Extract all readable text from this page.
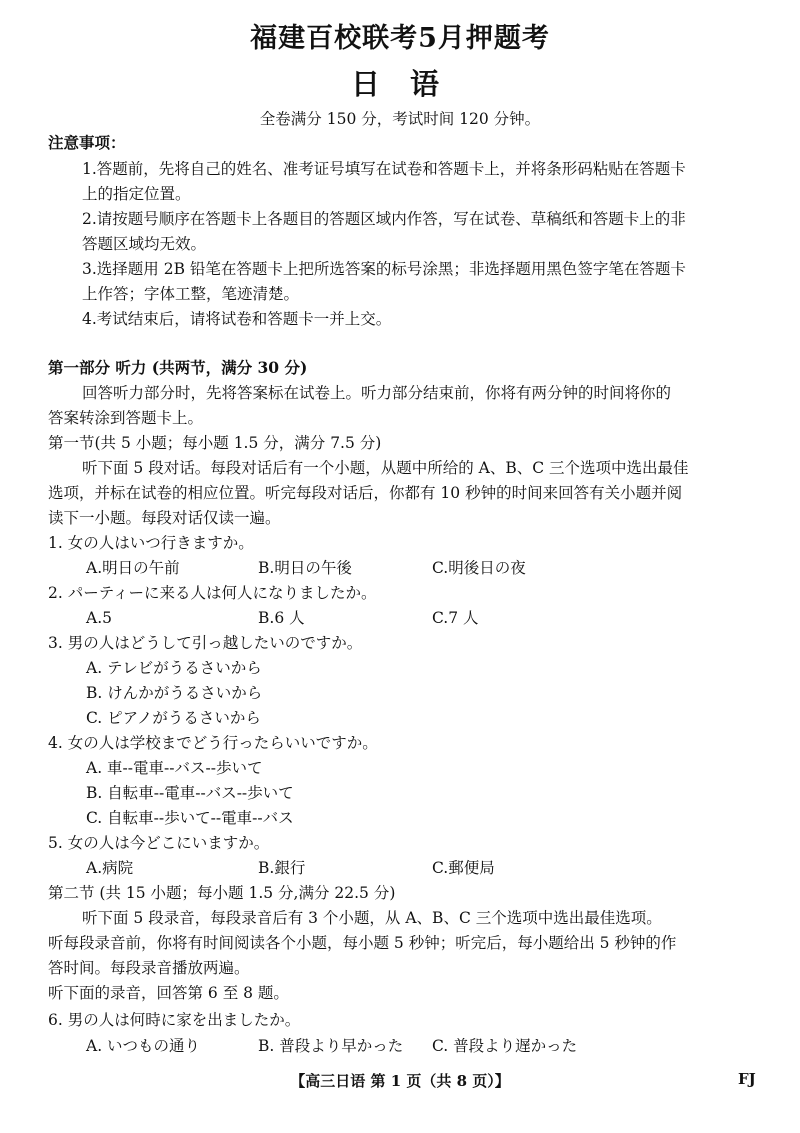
福建百校联考5月押题考
日 语
全卷满分 150 分，考试时间 120 分钟。
注意事项：
1.答题前，先将自己的姓名、准考证号填写在试卷和答题卡上，并将条形码粘贴在答题卡
上的指定位置。
2.请按题号顺序在答题卡上各题目的答题区域内作答，写在试卷、草稿纸和答题卡上的非
答题区域均无效。
3.选择题用 2B 铅笔在答题卡上把所选答案的标号涂黑；非选择题用黑色签字笔在答题卡
上作答；字体工整，笔迹清楚。
4.考试结束后，请将试卷和答题卡一并上交。
第一部分 听力 (共两节，满分 30 分)
回答听力部分时，先将答案标在试卷上。听力部分结束前，你将有两分钟的时间将你的
答案转涂到答题卡上。
第一节(共 5 小题；每小题 1.5 分，满分 7.5 分)
听下面 5 段对话。每段对话后有一个小题，从题中所给的 A、B、C 三个选项中选出最佳
选项，并标在试卷的相应位置。听完每段对话后，你都有 10 秒钟的时间来回答有关小题并阅
读下一小题。每段对话仅读一遍。
1. 女の人はいつ行きますか。
A.明日の午前	B.明日の午後	C.明後日の夜
2. パーティーに来る人は何人になりましたか。
A.5	B.6 人	C.7 人
3. 男の人はどうして引っ越したいのですか。
A. テレビがうるさいから
B. けんかがうるさいから
C. ピアノがうるさいから
4. 女の人は学校までどう行ったらいいですか。
A. 車--電車--バス--歩いて
B. 自転車--電車--バス--歩いて
C. 自転車--歩いて--電車--バス
5. 女の人は今どこにいますか。
A.病院	B.銀行	C.郵便局
第二节 (共 15 小题；每小题 1.5 分,满分 22.5 分)
听下面 5 段录音，每段录音后有 3 个小题，从 A、B、C 三个选项中选出最佳选项。
听每段录音前，你将有时间阅读各个小题，每小题 5 秒钟；听完后，每小题给出 5 秒钟的作
答时间。每段录音播放两遍。
听下面的录音，回答第 6 至 8 题。
6. 男の人は何時に家を出ましたか。
A. いつもの通り	B. 普段より早かった C. 普段より遅かった
【高三日语 第 1 页（共 8 页）】	FJ
